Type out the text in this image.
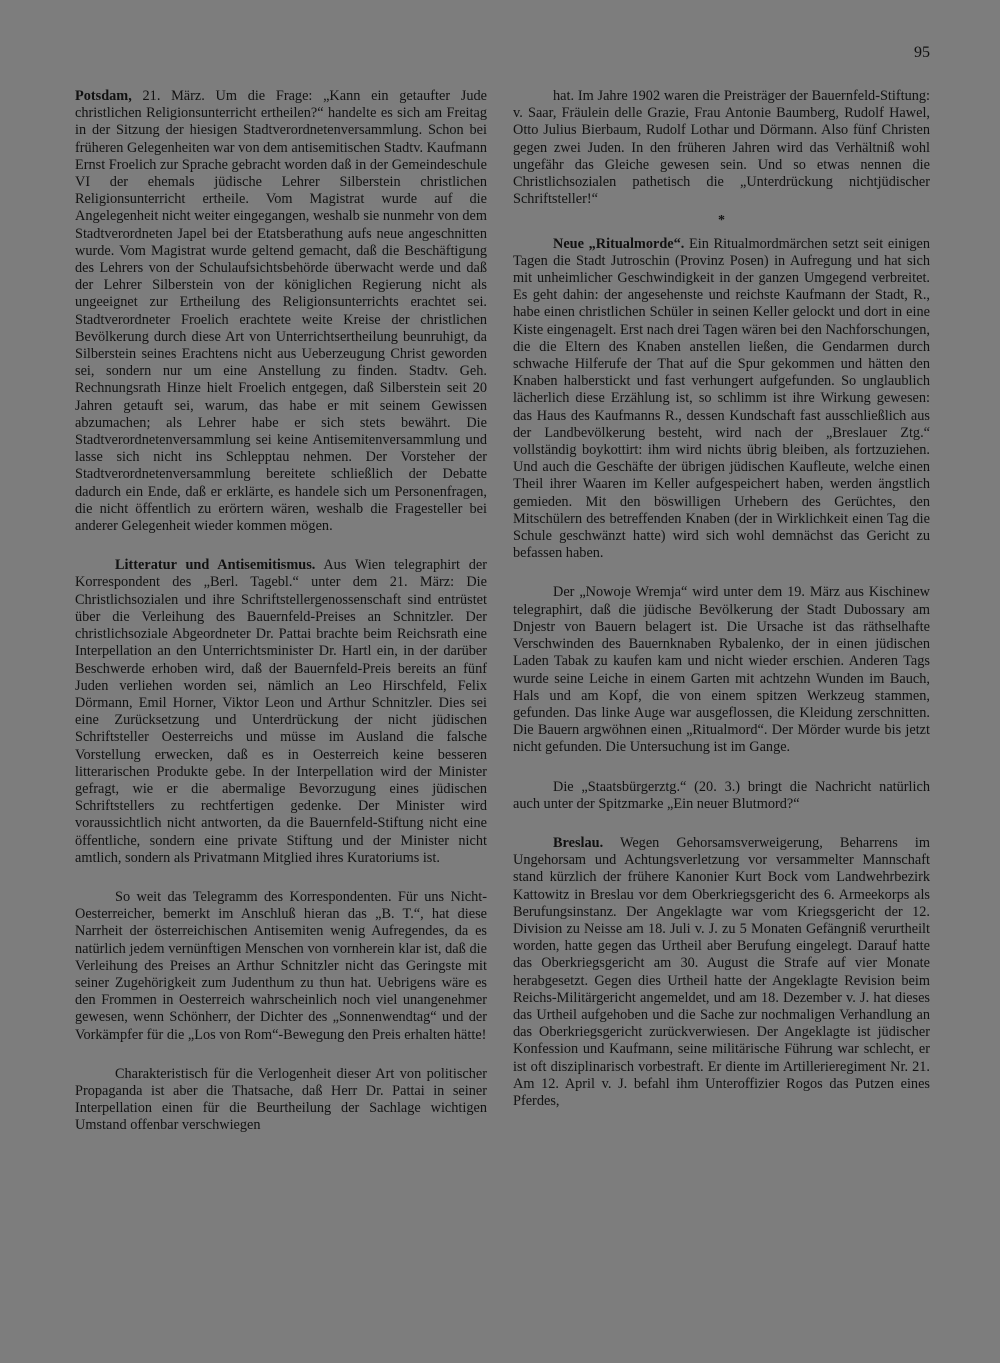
95

Potsdam, 21. März. Um die Frage: „Kann ein getaufter Jude christlichen Religionsunterricht ertheilen?“ handelte es sich am Freitag in der Sitzung der hiesigen Stadtverordnetenversammlung. Schon bei früheren Gelegenheiten war von dem antisemitischen Stadtv. Kaufmann Ernst Froelich zur Sprache gebracht worden daß in der Gemeindeschule VI der ehemals jüdische Lehrer Silberstein christlichen Religionsunterricht ertheile. Vom Magistrat wurde auf die Angelegenheit nicht weiter eingegangen, weshalb sie nunmehr von dem Stadtverordneten Japel bei der Etatsberathung aufs neue angeschnitten wurde. Vom Magistrat wurde geltend gemacht, daß die Beschäftigung des Lehrers von der Schulaufsichtsbehörde überwacht werde und daß der Lehrer Silberstein von der königlichen Regierung nicht als ungeeignet zur Ertheilung des Religionsunterrichts erachtet sei. Stadtverordneter Froelich erachtete weite Kreise der christlichen Bevölkerung durch diese Art von Unterrichtsertheilung beunruhigt, da Silberstein seines Erachtens nicht aus Ueberzeugung Christ geworden sei, sondern nur um eine Anstellung zu finden. Stadtv. Geh. Rechnungsrath Hinze hielt Froelich entgegen, daß Silberstein seit 20 Jahren getauft sei, warum, das habe er mit seinem Gewissen abzumachen; als Lehrer habe er sich stets bewährt. Die Stadtverordnetenversammlung sei keine Antisemitenversammlung und lasse sich nicht ins Schlepptau nehmen. Der Vorsteher der Stadtverordnetenversammlung bereitete schließlich der Debatte dadurch ein Ende, daß er erklärte, es handele sich um Personenfragen, die nicht öffentlich zu erörtern wären, weshalb die Fragesteller bei anderer Gelegenheit wieder kommen mögen.

Litteratur und Antisemitismus. Aus Wien telegraphirt der Korrespondent des „Berl. Tagebl.“ unter dem 21. März: Die Christlichsozialen und ihre Schriftstellergenossenschaft sind entrüstet über die Verleihung des Bauernfeld-Preises an Schnitzler. Der christlichsoziale Abgeordneter Dr. Pattai brachte beim Reichsrath eine Interpellation an den Unterrichtsminister Dr. Hartl ein, in der darüber Beschwerde erhoben wird, daß der Bauernfeld-Preis bereits an fünf Juden verliehen worden sei, nämlich an Leo Hirschfeld, Felix Dörmann, Emil Horner, Viktor Leon und Arthur Schnitzler. Dies sei eine Zurücksetzung und Unterdrückung der nicht jüdischen Schriftsteller Oesterreichs und müsse im Ausland die falsche Vorstellung erwecken, daß es in Oesterreich keine besseren litterarischen Produkte gebe. In der Interpellation wird der Minister gefragt, wie er die abermalige Bevorzugung eines jüdischen Schriftstellers zu rechtfertigen gedenke. Der Minister wird voraussichtlich nicht antworten, da die Bauernfeld-Stiftung nicht eine öffentliche, sondern eine private Stiftung und der Minister nicht amtlich, sondern als Privatmann Mitglied ihres Kuratoriums ist.

So weit das Telegramm des Korrespondenten. Für uns Nicht-Oesterreicher, bemerkt im Anschluß hieran das „B. T.“, hat diese Narrheit der österreichischen Antisemiten wenig Aufregendes, da es natürlich jedem vernünftigen Menschen von vornherein klar ist, daß die Verleihung des Preises an Arthur Schnitzler nicht das Geringste mit seiner Zugehörigkeit zum Judenthum zu thun hat. Uebrigens wäre es den Frommen in Oesterreich wahrscheinlich noch viel unangenehmer gewesen, wenn Schönherr, der Dichter des „Sonnenwendtag“ und der Vorkämpfer für die „Los von Rom“-Bewegung den Preis erhalten hätte!

Charakteristisch für die Verlogenheit dieser Art von politischer Propaganda ist aber die Thatsache, daß Herr Dr. Pattai in seiner Interpellation einen für die Beurtheilung der Sachlage wichtigen Umstand offenbar verschwiegen

hat. Im Jahre 1902 waren die Preisträger der Bauernfeld-Stiftung: v. Saar, Fräulein delle Grazie, Frau Antonie Baumberg, Rudolf Hawel, Otto Julius Bierbaum, Rudolf Lothar und Dörmann. Also fünf Christen gegen zwei Juden. In den früheren Jahren wird das Verhältniß wohl ungefähr das Gleiche gewesen sein. Und so etwas nennen die Christlichsozialen pathetisch die „Unterdrückung nichtjüdischer Schriftsteller!“

*

Neue „Ritualmorde“. Ein Ritualmordmärchen setzt seit einigen Tagen die Stadt Jutroschin (Provinz Posen) in Aufregung und hat sich mit unheimlicher Geschwindigkeit in der ganzen Umgegend verbreitet. Es geht dahin: der angesehenste und reichste Kaufmann der Stadt, R., habe einen christlichen Schüler in seinen Keller gelockt und dort in eine Kiste eingenagelt. Erst nach drei Tagen wären bei den Nachforschungen, die die Eltern des Knaben anstellen ließen, die Gendarmen durch schwache Hilferufe der That auf die Spur gekommen und hätten den Knaben halberstickt und fast verhungert aufgefunden. So unglaublich lächerlich diese Erzählung ist, so schlimm ist ihre Wirkung gewesen: das Haus des Kaufmanns R., dessen Kundschaft fast ausschließlich aus der Landbevölkerung besteht, wird nach der „Breslauer Ztg.“ vollständig boykottirt: ihm wird nichts übrig bleiben, als fortzuziehen. Und auch die Geschäfte der übrigen jüdischen Kaufleute, welche einen Theil ihrer Waaren im Keller aufgespeichert haben, werden ängstlich gemieden. Mit den böswilligen Urhebern des Gerüchtes, den Mitschülern des betreffenden Knaben (der in Wirklichkeit einen Tag die Schule geschwänzt hatte) wird sich wohl demnächst das Gericht zu befassen haben.

Der „Nowoje Wremja“ wird unter dem 19. März aus Kischinew telegraphirt, daß die jüdische Bevölkerung der Stadt Dubossary am Dnjestr von Bauern belagert ist. Die Ursache ist das räthselhafte Verschwinden des Bauernknaben Rybalenko, der in einen jüdischen Laden Tabak zu kaufen kam und nicht wieder erschien. Anderen Tags wurde seine Leiche in einem Garten mit achtzehn Wunden im Bauch, Hals und am Kopf, die von einem spitzen Werkzeug stammen, gefunden. Das linke Auge war ausgeflossen, die Kleidung zerschnitten. Die Bauern argwöhnen einen „Ritualmord“. Der Mörder wurde bis jetzt nicht gefunden. Die Untersuchung ist im Gange.

Die „Staatsbürgerztg.“ (20. 3.) bringt die Nachricht natürlich auch unter der Spitzmarke „Ein neuer Blutmord?“

Breslau. Wegen Gehorsamsverweigerung, Beharrens im Ungehorsam und Achtungsverletzung vor versammelter Mannschaft stand kürzlich der frühere Kanonier Kurt Bock vom Landwehrbezirk Kattowitz in Breslau vor dem Oberkriegsgericht des 6. Armeekorps als Berufungsinstanz. Der Angeklagte war vom Kriegsgericht der 12. Division zu Neisse am 18. Juli v. J. zu 5 Monaten Gefängniß verurtheilt worden, hatte gegen das Urtheil aber Berufung eingelegt. Darauf hatte das Oberkriegsgericht am 30. August die Strafe auf vier Monate herabgesetzt. Gegen dies Urtheil hatte der Angeklagte Revision beim Reichs-Militärgericht angemeldet, und am 18. Dezember v. J. hat dieses das Urtheil aufgehoben und die Sache zur nochmaligen Verhandlung an das Oberkriegsgericht zurückverwiesen. Der Angeklagte ist jüdischer Konfession und Kaufmann, seine militärische Führung war schlecht, er ist oft disziplinarisch vorbestraft. Er diente im Artillerieregiment Nr. 21. Am 12. April v. J. befahl ihm Unteroffizier Rogos das Putzen eines Pferdes,
